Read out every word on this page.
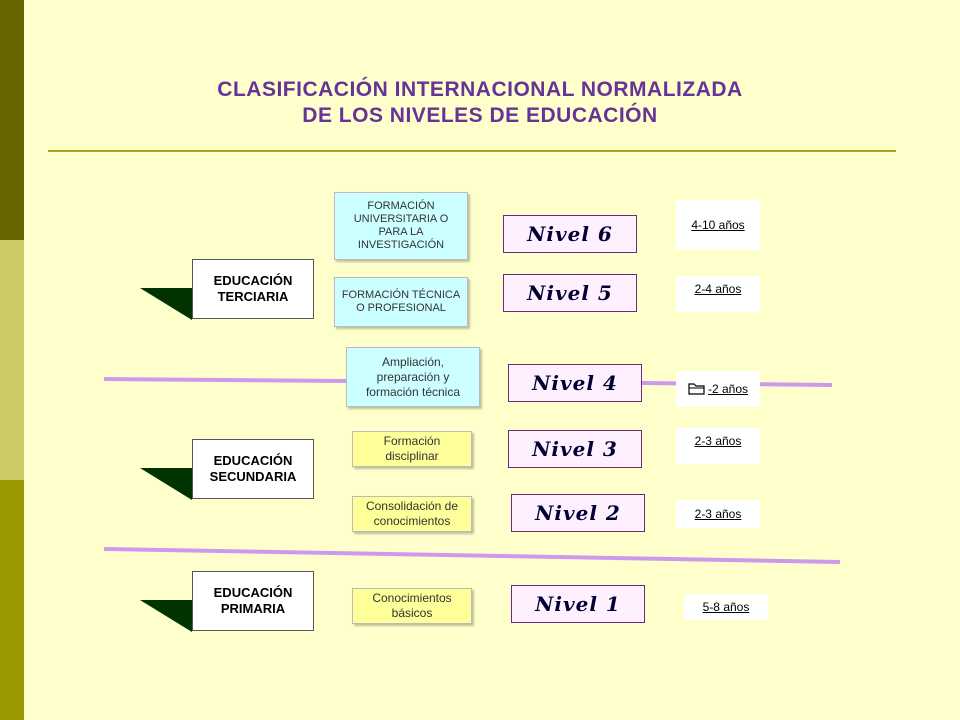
CLASIFICACIÓN INTERNACIONAL NORMALIZADA
DE LOS NIVELES DE EDUCACIÓN
EDUCACIÓN TERCIARIA
EDUCACIÓN SECUNDARIA
EDUCACIÓN PRIMARIA
FORMACIÓN UNIVERSITARIA O PARA LA INVESTIGACIÓN
FORMACIÓN TÉCNICA O PROFESIONAL
Ampliación, preparación y formación técnica
Formación disciplinar
Consolidación de conocimientos
Conocimientos básicos
Nivel 6
Nivel 5
Nivel 4
Nivel 3
Nivel 2
Nivel 1
4-10 años
2-4 años
-2 años
2-3 años
2-3 años
5-8 años
